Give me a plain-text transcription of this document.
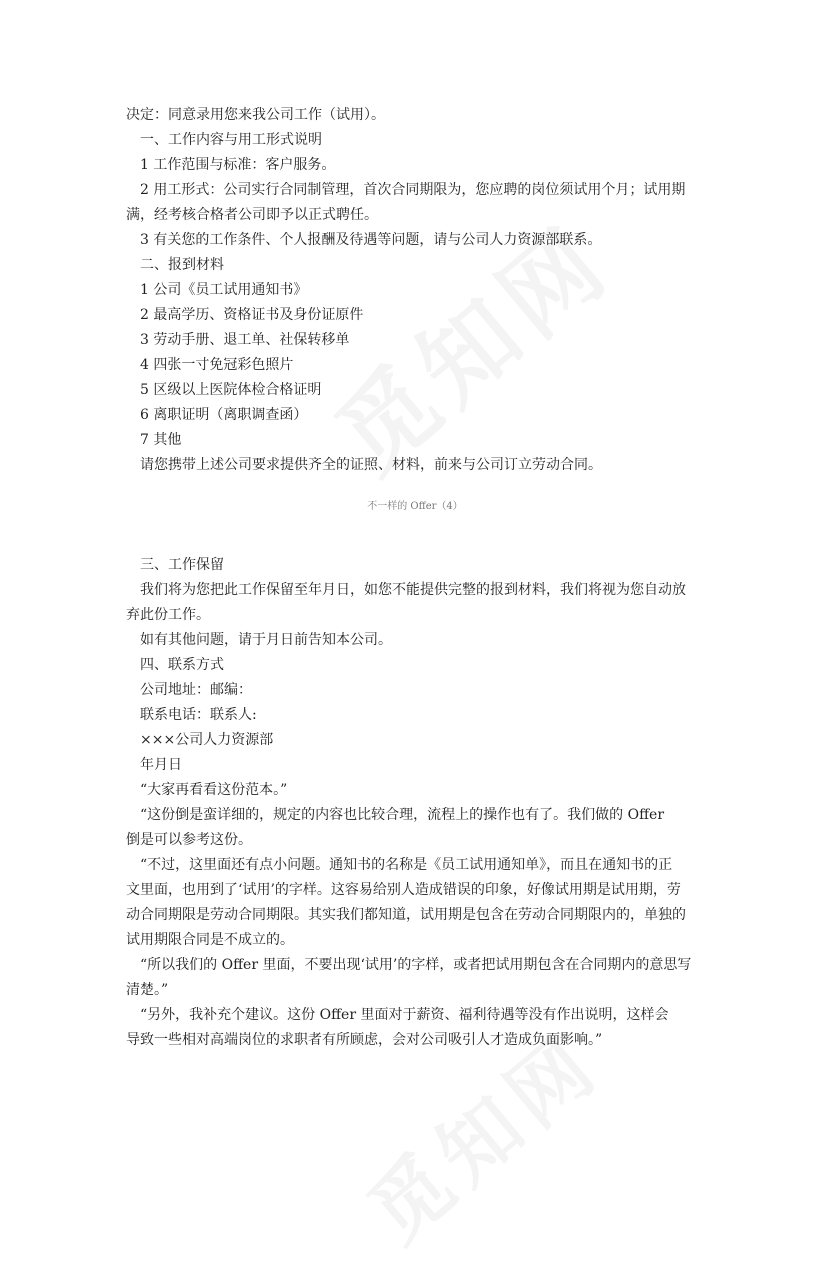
决定：同意录用您来我公司工作（试用）。
一、工作内容与用工形式说明
1 工作范围与标准：客户服务。
2 用工形式：公司实行合同制管理，首次合同期限为，您应聘的岗位须试用个月；试用期
满，经考核合格者公司即予以正式聘任。
3 有关您的工作条件、个人报酬及待遇等问题，请与公司人力资源部联系。
二、报到材料
1 公司《员工试用通知书》
2 最高学历、资格证书及身份证原件
3 劳动手册、退工单、社保转移单
4 四张一寸免冠彩色照片
5 区级以上医院体检合格证明
6 离职证明（离职调查函）
7 其他
请您携带上述公司要求提供齐全的证照、材料，前来与公司订立劳动合同。
不一样的 Offer（4）
三、工作保留
我们将为您把此工作保留至年月日，如您不能提供完整的报到材料，我们将视为您自动放
弃此份工作。
如有其他问题，请于月日前告知本公司。
四、联系方式
公司地址：邮编：
联系电话：联系人:
×××公司人力资源部
年月日
“大家再看看这份范本。”
“这份倒是蛮详细的，规定的内容也比较合理，流程上的操作也有了。我们做的 Offer
倒是可以参考这份。
“不过，这里面还有点小问题。通知书的名称是《员工试用通知单》，而且在通知书的正
文里面，也用到了‘试用’的字样。这容易给别人造成错误的印象，好像试用期是试用期，劳
动合同期限是劳动合同期限。其实我们都知道，试用期是包含在劳动合同期限内的，单独的
试用期限合同是不成立的。
“所以我们的 Offer 里面，不要出现‘试用’的字样，或者把试用期包含在合同期内的意思写
清楚。”
“另外，我补充个建议。这份 Offer 里面对于薪资、福利待遇等没有作出说明，这样会
导致一些相对高端岗位的求职者有所顾虑，会对公司吸引人才造成负面影响。”
